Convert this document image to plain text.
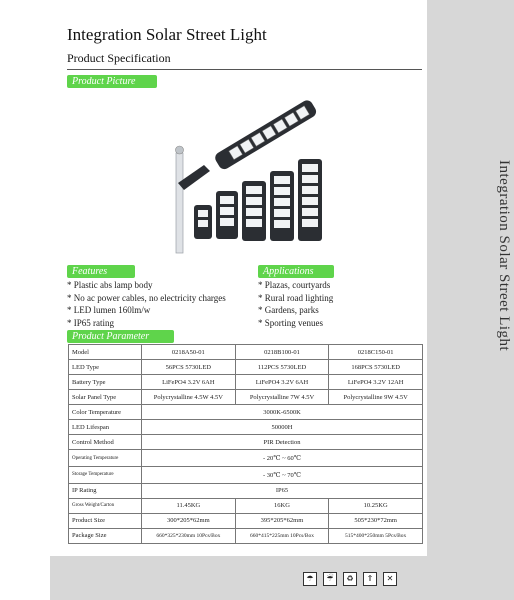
Integration Solar Street Light
☂	☔	♻	⇑	✕
Integration Solar Street Light
Product Specification
Product Picture
Features
* Plastic abs lamp body
* No ac power cables, no electricity charges
* LED lumen 160lm/w
* IP65 rating
Applications
* Plazas, courtyards
* Rural road lighting
* Gardens, parks
* Sporting venues
Product Parameter
Model	0218A50-01	0218B100-01	0218C150-01
LED Type	56PCS 5730LED	112PCS 5730LED	168PCS 5730LED
Battery Type	LiFePO4 3.2V 6AH	LiFePO4 3.2V 6AH	LiFePO4 3.2V 12AH
Solar Panel Type	Polycrystalline 4.5W 4.5V	Polycrystalline 7W 4.5V	Polycrystalline 9W 4.5V
Color Temperature	3000K-6500K		
LED Lifespan	50000H		
Control Method	PIR Detection		
Operating Temperature	- 20℃ ~ 60℃		
Storage Temperature	- 30℃ ~ 70℃		
IP Rating	IP65		
Gross Weight/Carton	11.45KG	16KG	10.25KG
Product Size	300*205*62mm	395*205*62mm	505*230*72mm
Package Size	660*325*230mm 10Pcs/Box	660*415*225mm 10Pcs/Box	515*400*250mm 5Pcs/Box
